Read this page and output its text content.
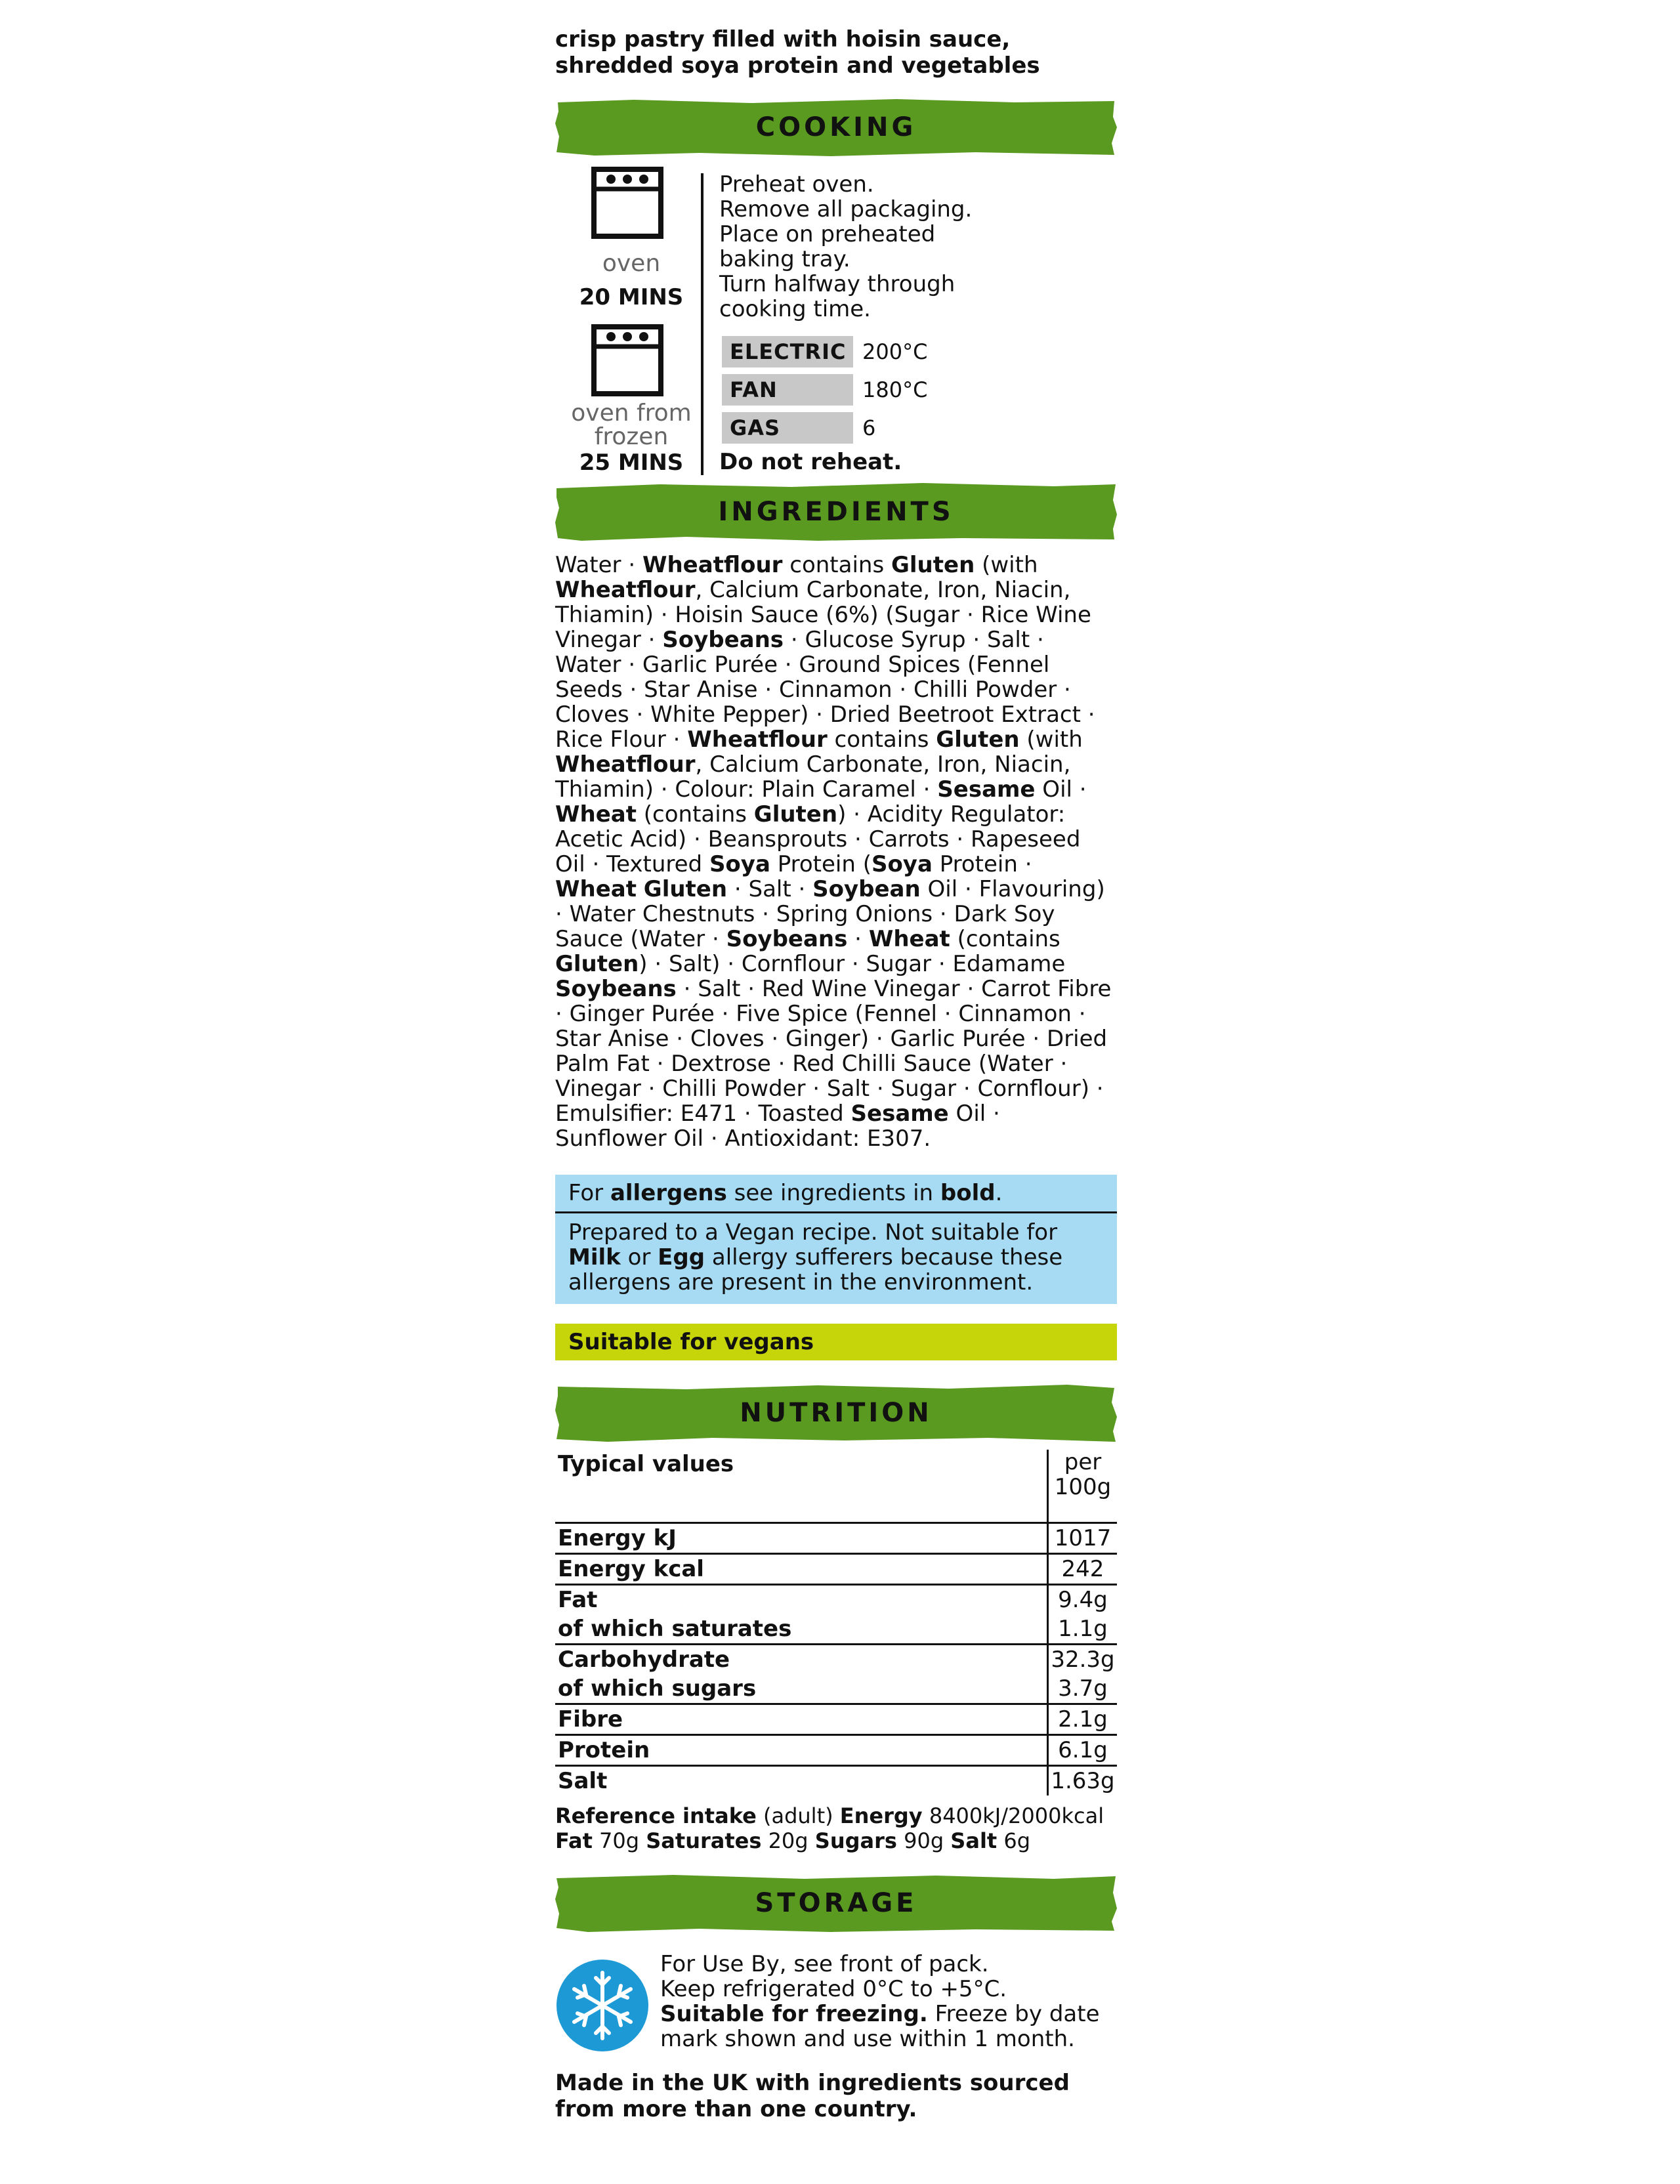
crisp pastry filled with hoisin sauce, shredded soya protein and vegetables

COOKING
oven
20 MINS
oven from frozen
25 MINS

Preheat oven.

Remove all packaging.

Place on preheated

baking tray.

Turn halfway through

cooking time.

ELECTRIC 200°C
FAN	180°C
GAS	6
Do not reheat.
INGREDIENTS

Water · Wheatflour contains Gluten (with Wheatflour, Calcium Carbonate, Iron, Niacin, Thiamin) · Hoisin Sauce (6%) (Sugar · Rice Wine Vinegar · Soybeans · Glucose Syrup · Salt · Water · Garlic Purée · Ground Spices (Fennel Seeds · Star Anise · Cinnamon · Chilli Powder · Cloves · White Pepper) · Dried Beetroot Extract · Rice Flour · Wheatflour contains Gluten (with Wheatflour, Calcium Carbonate, Iron, Niacin, Thiamin) · Colour: Plain Caramel · Sesame Oil · Wheat (contains Gluten) · Acidity Regulator: Acetic Acid) · Beansprouts · Carrots · Rapeseed Oil · Textured Soya Protein (Soya Protein · Wheat Gluten · Salt · Soybean Oil · Flavouring) · Water Chestnuts · Spring Onions · Dark Soy Sauce (Water · Soybeans · Wheat (contains Gluten) · Salt) · Cornflour · Sugar · Edamame Soybeans · Salt · Red Wine Vinegar · Carrot Fibre · Ginger Purée · Five Spice (Fennel · Cinnamon · Star Anise · Cloves · Ginger) · Garlic Purée · Dried Palm Fat · Dextrose · Red Chilli Sauce (Water · Vinegar · Chilli Powder · Salt · Sugar · Cornflour) · Emulsifier: E471 · Toasted Sesame Oil · Sunflower Oil · Antioxidant: E307.

For allergens see ingredients in bold.
Prepared to a Vegan recipe. Not suitable for Milk or Egg allergy sufferers because these allergens are present in the environment.
Suitable for vegans
NUTRITION
Typical values	per 100g
Energy kJ	1017
Energy kcal	242
Fat	9.4g
of which saturates	1.1g
Carbohydrate	32.3g
of which sugars	3.7g
Fibre	2.1g
Protein	6.1g
Salt	1.63g
Reference intake (adult) Energy 8400kJ/2000kcal
Fat 70g Saturates 20g Sugars 90g Salt 6g
STORAGE
For Use By, see front of pack.
Keep refrigerated 0°C to +5°C.
Suitable for freezing. Freeze by date mark shown and use within 1 month.
Made in the UK with ingredients sourced from more than one country.
